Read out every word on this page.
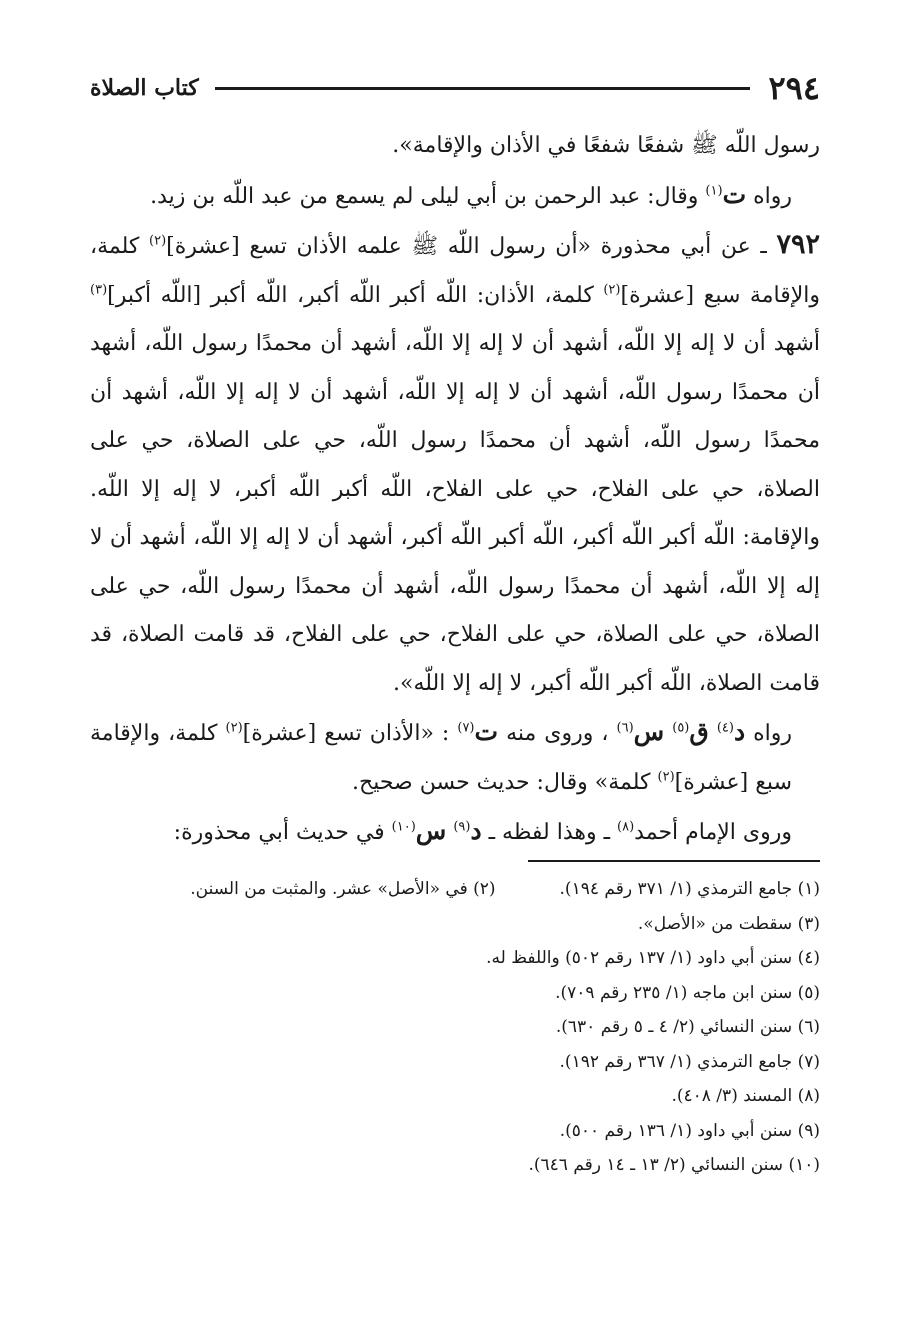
٢٩٤
كتاب الصلاة

رسول اللّه ﷺ شفعًا شفعًا في الأذان والإقامة».

رواه ت$^{(١)}$ وقال: عبد الرحمن بن أبي ليلى لم يسمع من عبد اللّه بن زيد.

٧٩٢ ـ عن أبي محذورة «أن رسول اللّه ﷺ علمه الأذان تسع [عشرة]$^{(٢)}$ كلمة، والإقامة سبع [عشرة]$^{(٢)}$ كلمة، الأذان: اللّه أكبر اللّه أكبر، اللّه أكبر [اللّه أكبر]$^{(٣)}$ أشهد أن لا إله إلا اللّه، أشهد أن لا إله إلا اللّه، أشهد أن محمدًا رسول اللّه، أشهد أن محمدًا رسول اللّه، أشهد أن لا إله إلا اللّه، أشهد أن لا إله إلا اللّه، أشهد أن محمدًا رسول اللّه، أشهد أن محمدًا رسول اللّه، حي على الصلاة، حي على الصلاة، حي على الفلاح، حي على الفلاح، اللّه أكبر اللّه أكبر، لا إله إلا اللّه. والإقامة: اللّه أكبر اللّه أكبر، اللّه أكبر اللّه أكبر، أشهد أن لا إله إلا اللّه، أشهد أن لا إله إلا اللّه، أشهد أن محمدًا رسول اللّه، أشهد أن محمدًا رسول اللّه، حي على الصلاة، حي على الصلاة، حي على الفلاح، حي على الفلاح، قد قامت الصلاة، قد قامت الصلاة، اللّه أكبر اللّه أكبر، لا إله إلا اللّه».

رواه د$^{(٤)}$ ق$^{(٥)}$ س$^{(٦)}$ ، وروى منه ت$^{(٧)}$ : «الأذان تسع [عشرة]$^{(٢)}$ كلمة، والإقامة سبع [عشرة]$^{(٢)}$ كلمة» وقال: حديث حسن صحيح.

وروى الإمام أحمد$^{(٨)}$ ـ وهذا لفظه ـ د$^{(٩)}$ س$^{(١٠)}$ في حديث أبي محذورة:

(١) جامع الترمذي (١/ ٣٧١ رقم ١٩٤).
(٢) في «الأصل» عشر. والمثبت من السنن.
(٣) سقطت من «الأصل».
(٤) سنن أبي داود (١/ ١٣٧ رقم ٥٠٢) واللفظ له.
(٥) سنن ابن ماجه (١/ ٢٣٥ رقم ٧٠٩).
(٦) سنن النسائي (٢/ ٤ ـ ٥ رقم ٦٣٠).
(٧) جامع الترمذي (١/ ٣٦٧ رقم ١٩٢).
(٨) المسند (٣/ ٤٠٨).
(٩) سنن أبي داود (١/ ١٣٦ رقم ٥٠٠).
(١٠) سنن النسائي (٢/ ١٣ ـ ١٤ رقم ٦٤٦).
